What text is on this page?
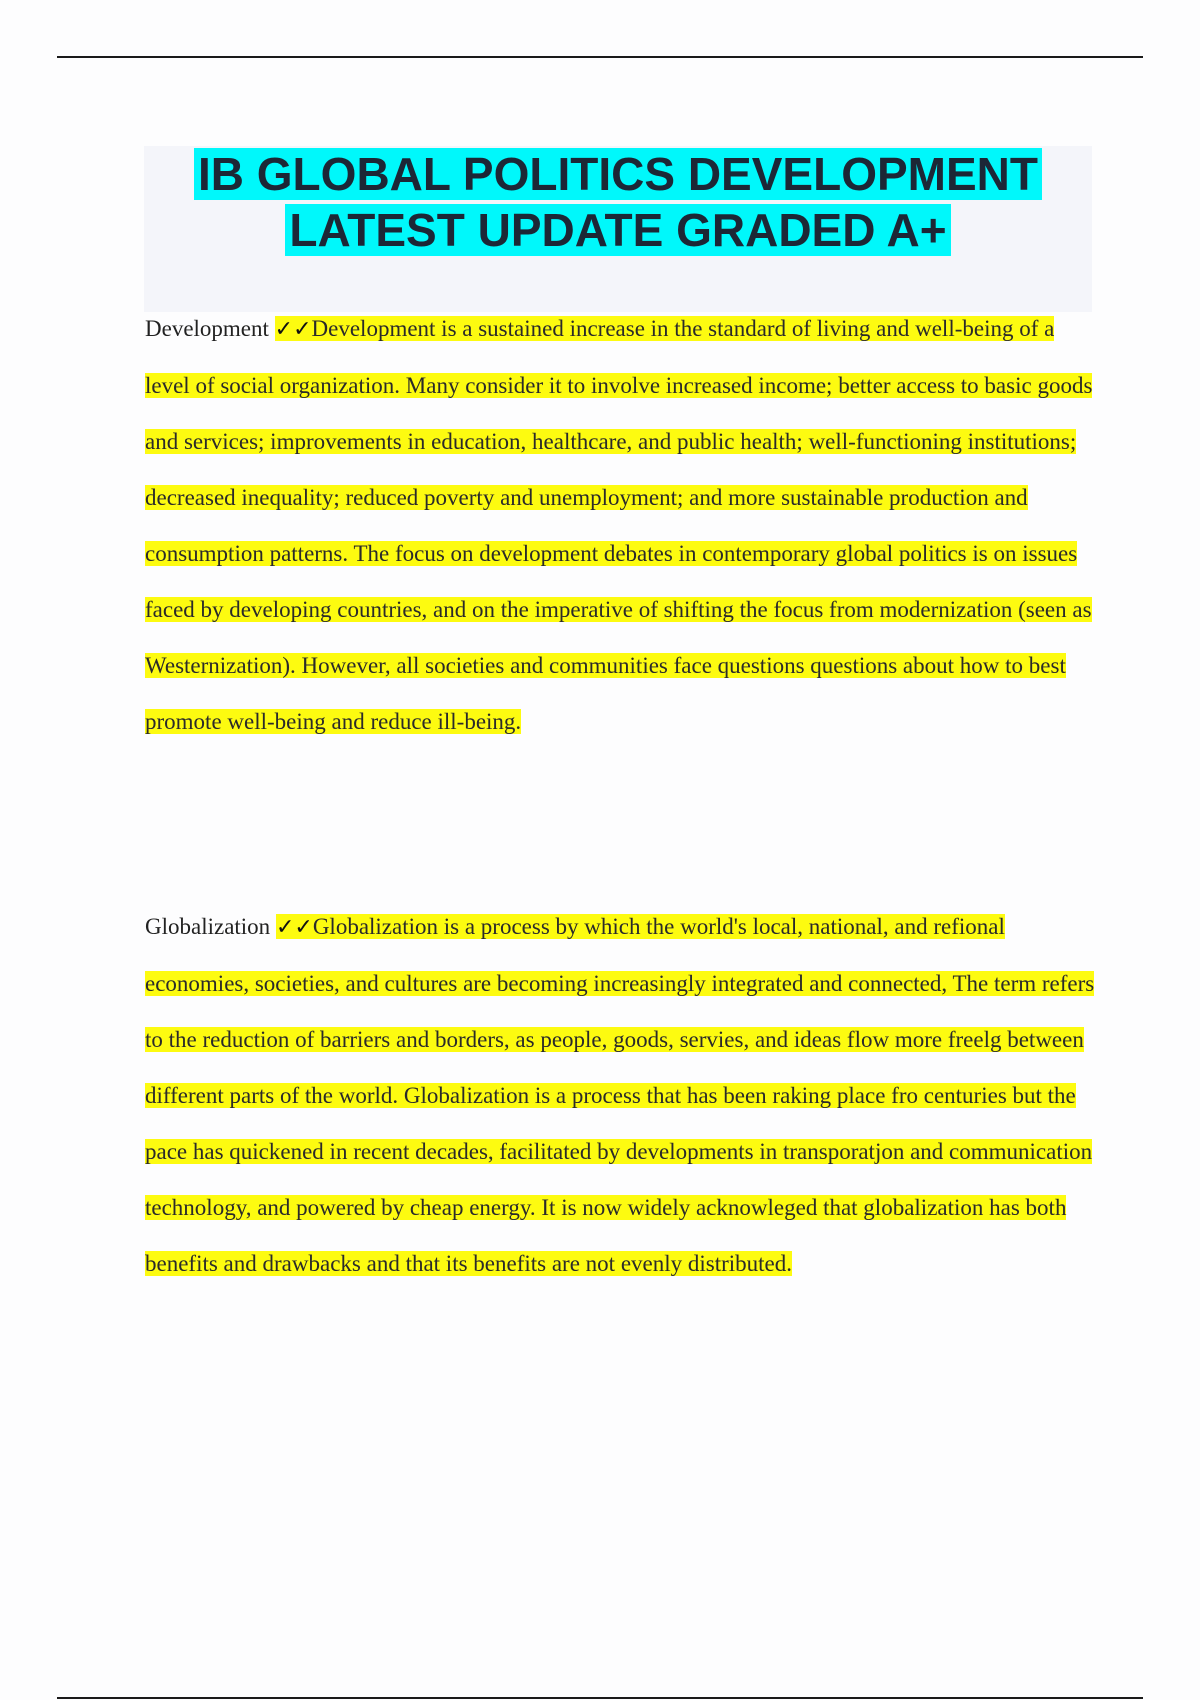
IB GLOBAL POLITICS DEVELOPMENT
LATEST UPDATE GRADED A+

Development ✓✓Development is a sustained increase in the standard of living and well-being of a level of social organization. Many consider it to involve increased income; better access to basic goods and services; improvements in education, healthcare, and public health; well-functioning institutions; decreased inequality; reduced poverty and unemployment; and more sustainable production and consumption patterns. The focus on development debates in contemporary global politics is on issues faced by developing countries, and on the imperative of shifting the focus from modernization (seen as Westernization). However, all societies and communities face questions questions about how to best promote well-being and reduce ill-being.

Globalization ✓✓Globalization is a process by which the world's local, national, and refional economies, societies, and cultures are becoming increasingly integrated and connected, The term refers to the reduction of barriers and borders, as people, goods, servies, and ideas flow more freelg between different parts of the world. Globalization is a process that has been raking place fro centuries but the pace has quickened in recent decades, facilitated by developments in transporatjon and communication technology, and powered by cheap energy. It is now widely acknowleged that globalization has both benefits and drawbacks and that its benefits are not evenly distributed.
